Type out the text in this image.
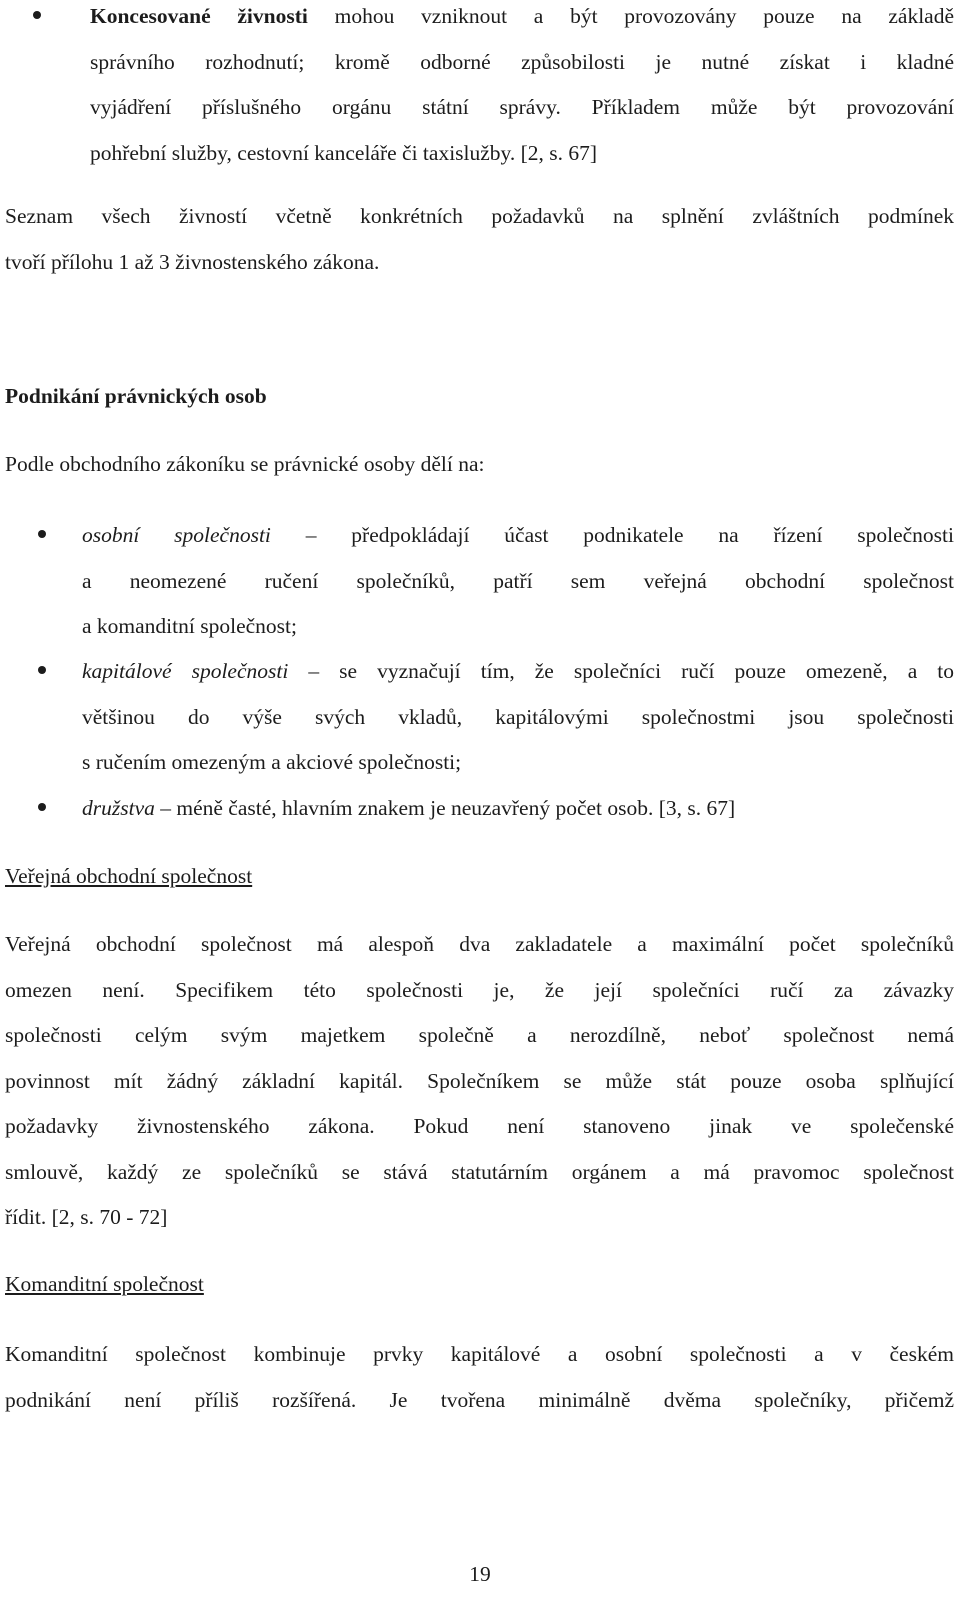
Koncesované živnosti mohou vzniknout a být provozovány pouze na základě

správního rozhodnutí; kromě odborné způsobilosti je nutné získat i kladné

vyjádření příslušného orgánu státní správy. Příkladem může být provozování

pohřební služby, cestovní kanceláře či taxislužby. [2, s. 67]

Seznam všech živností včetně konkrétních požadavků na splnění zvláštních podmínek

tvoří přílohu 1 až 3 živnostenského zákona.

Podnikání právnických osob

Podle obchodního zákoníku se právnické osoby dělí na:

osobní společnosti – předpokládají účast podnikatele na řízení společnosti

a neomezené ručení společníků, patří sem veřejná obchodní společnost

a komanditní společnost;

kapitálové společnosti – se vyznačují tím, že společníci ručí pouze omezeně, a to

většinou do výše svých vkladů, kapitálovými společnostmi jsou společnosti

s ručením omezeným a akciové společnosti;

družstva – méně časté, hlavním znakem je neuzavřený počet osob. [3, s. 67]

Veřejná obchodní společnost

Veřejná obchodní společnost má alespoň dva zakladatele a maximální počet společníků

omezen není. Specifikem této společnosti je, že její společníci ručí za závazky

společnosti celým svým majetkem společně a nerozdílně, neboť společnost nemá

povinnost mít žádný základní kapitál. Společníkem se může stát pouze osoba splňující

požadavky živnostenského zákona. Pokud není stanoveno jinak ve společenské

smlouvě, každý ze společníků se stává statutárním orgánem a má pravomoc společnost

řídit. [2, s. 70 - 72]

Komanditní společnost

Komanditní společnost kombinuje prvky kapitálové a osobní společnosti a v českém

podnikání není příliš rozšířená. Je tvořena minimálně dvěma společníky, přičemž

19
